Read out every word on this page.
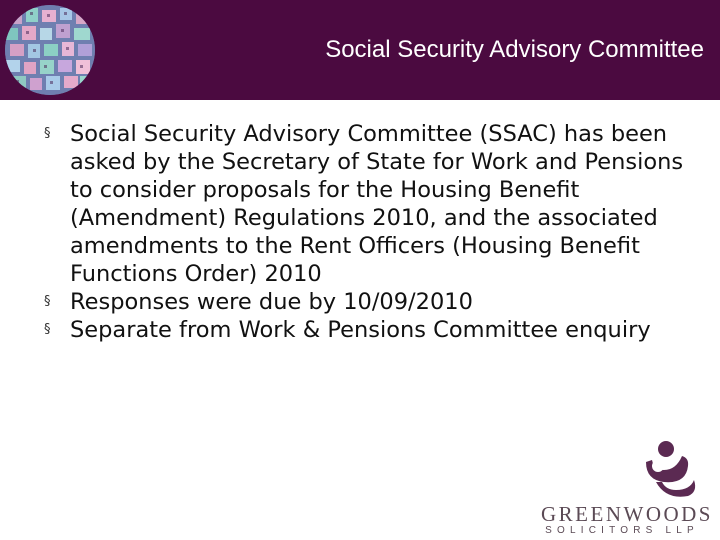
Social Security Advisory Committee
§ Social Security Advisory Committee (SSAC) has been asked by the Secretary of State for Work and Pensions to consider proposals for the Housing Benefit (Amendment) Regulations 2010, and the associated amendments to the Rent Officers (Housing Benefit Functions Order) 2010
§ Responses were due by 10/09/2010
§ Separate from Work & Pensions Committee enquiry
GREENWOODS
SOLICITORS LLP
